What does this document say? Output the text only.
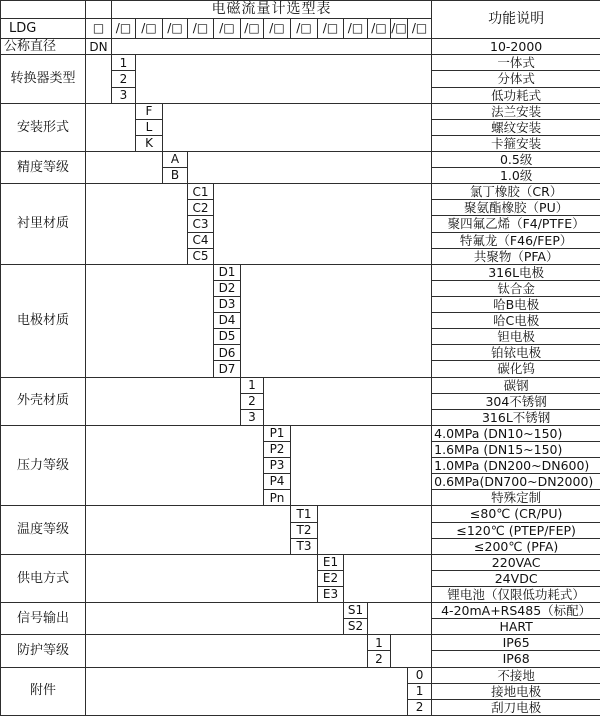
		电磁流量计选型表													功能说明
LDG	□	/□	/□	/□	/□	/□	/□	/□	/□	/□	/□	/□	/□	/□	
公称直径	DN														10-2000
转换器类型		1													一体式
		2													分体式
		3													低功耗式
安装形式			F												法兰安装
			L												螺纹安装
			K												卡箍安装
精度等级				A											0.5级
				B											1.0级
衬里材质					C1										氯丁橡胶（CR）
					C2										聚氨酯橡胶（PU）
					C3										聚四氟乙烯（F4/PTFE）
					C4										特氟龙（F46/FEP）
					C5										共聚物（PFA）
电极材质						D1									316L电极
						D2									钛合金
						D3									哈B电极
						D4									哈C电极
						D5									钽电极
						D6									铂铱电极
						D7									碳化钨
外壳材质							1								碳钢
							2								304不锈钢
							3								316L不锈钢
压力等级								P1							4.0MPa (DN10~150)
								P2							1.6MPa (DN15~150)
								P3							1.0MPa (DN200~DN600)
								P4							0.6MPa(DN700~DN2000)
								Pn							特殊定制
温度等级									T1						≤80℃ (CR/PU)
									T2						≤120℃ (PTEP/FEP)
									T3						≤200℃ (PFA)
供电方式										E1					220VAC
										E2					24VDC
										E3					锂电池（仅限低功耗式）
信号输出											S1				4-20mA+RS485（标配）
											S2				HART
防护等级												1			IP65
												2			IP68
附件														0	不接地
														1	接地电极
														2	刮刀电极
